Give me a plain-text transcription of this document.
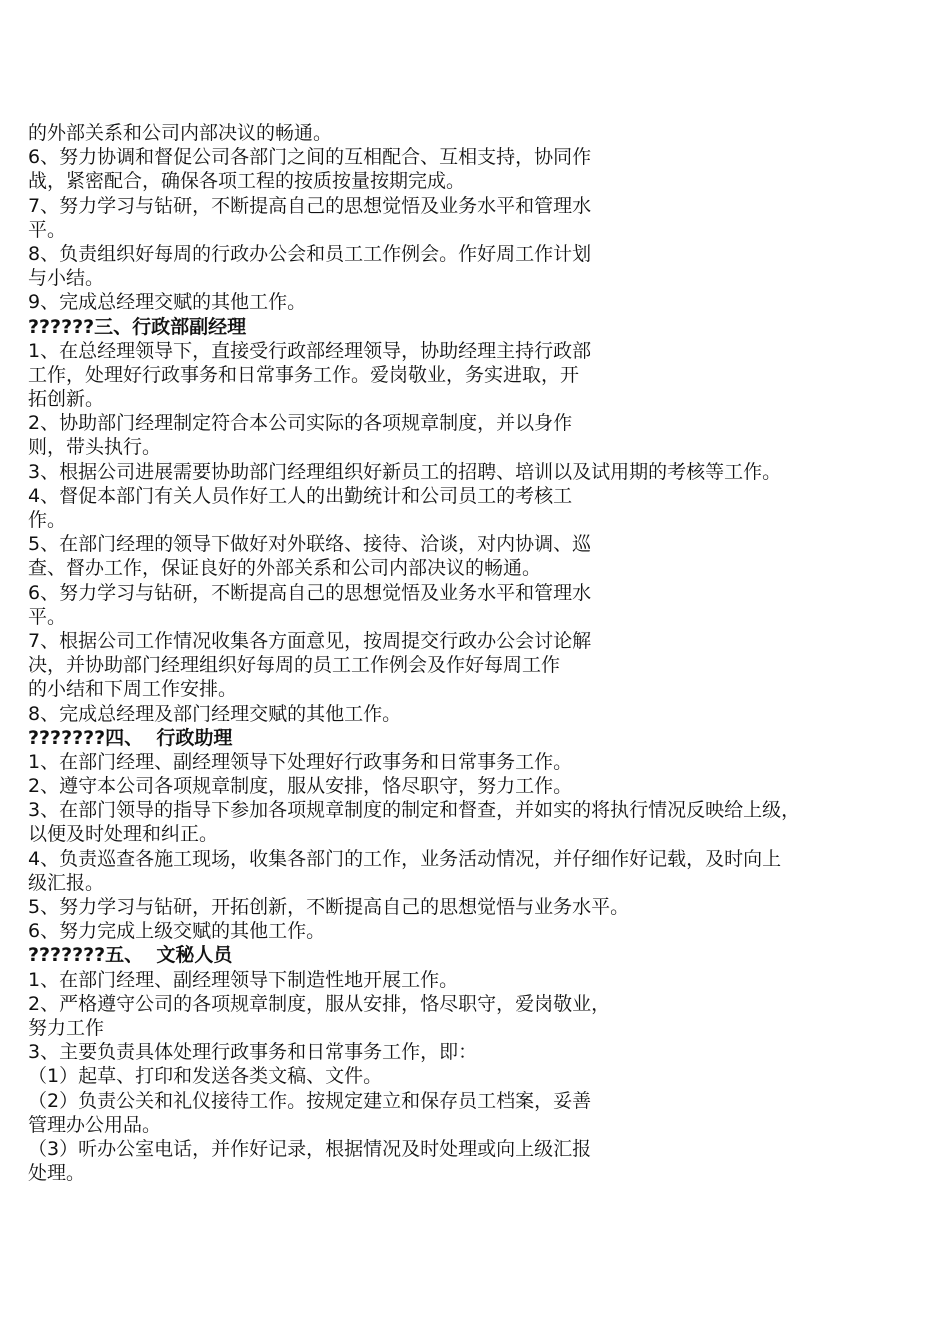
的外部关系和公司内部决议的畅通。
6、努力协调和督促公司各部门之间的互相配合、互相支持，协同作
战，紧密配合，确保各项工程的按质按量按期完成。
7、努力学习与钻研，不断提高自己的思想觉悟及业务水平和管理水
平。
8、负责组织好每周的行政办公会和员工工作例会。作好周工作计划
与小结。
9、完成总经理交赋的其他工作。
??????三、行政部副经理
1、在总经理领导下，直接受行政部经理领导，协助经理主持行政部
工作，处理好行政事务和日常事务工作。爱岗敬业，务实进取，开
拓创新。
2、协助部门经理制定符合本公司实际的各项规章制度，并以身作
则，带头执行。
3、根据公司进展需要协助部门经理组织好新员工的招聘、培训以及试用期的考核等工作。
4、督促本部门有关人员作好工人的出勤统计和公司员工的考核工
作。
5、在部门经理的领导下做好对外联络、接待、洽谈，对内协调、巡
查、督办工作，保证良好的外部关系和公司内部决议的畅通。
6、努力学习与钻研，不断提高自己的思想觉悟及业务水平和管理水
平。
7、根据公司工作情况收集各方面意见，按周提交行政办公会讨论解
决，并协助部门经理组织好每周的员工工作例会及作好每周工作
的小结和下周工作安排。
8、完成总经理及部门经理交赋的其他工作。
???????四、  行政助理
1、在部门经理、副经理领导下处理好行政事务和日常事务工作。
2、遵守本公司各项规章制度，服从安排，恪尽职守，努力工作。
3、在部门领导的指导下参加各项规章制度的制定和督查，并如实的将执行情况反映给上级，
以便及时处理和纠正。
4、负责巡查各施工现场，收集各部门的工作，业务活动情况，并仔细作好记载，及时向上
级汇报。
5、努力学习与钻研，开拓创新，不断提高自己的思想觉悟与业务水平。
6、努力完成上级交赋的其他工作。
???????五、  文秘人员
1、在部门经理、副经理领导下制造性地开展工作。
2、严格遵守公司的各项规章制度，服从安排，恪尽职守，爱岗敬业，
努力工作
3、主要负责具体处理行政事务和日常事务工作，即：
（1）起草、打印和发送各类文稿、文件。
（2）负责公关和礼仪接待工作。按规定建立和保存员工档案，妥善
管理办公用品。
（3）听办公室电话，并作好记录，根据情况及时处理或向上级汇报
处理。
